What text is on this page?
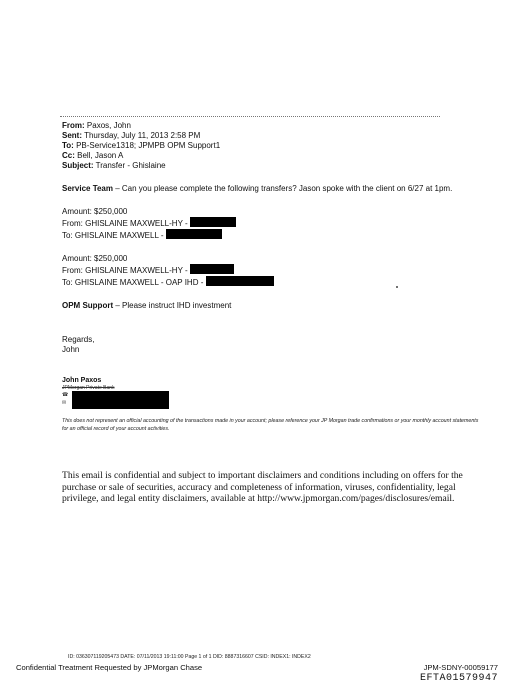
From: Paxos, John
Sent: Thursday, July 11, 2013 2:58 PM
To: PB-Service1318; JPMPB OPM Support1
Cc: Bell, Jason A
Subject: Transfer - Ghislaine
Service Team – Can you please complete the following transfers? Jason spoke with the client on 6/27 at 1pm.
Amount: $250,000
From: GHISLAINE MAXWELL-HY -
To: GHISLAINE MAXWELL -
Amount: $250,000
From: GHISLAINE MAXWELL-HY -
To: GHISLAINE MAXWELL - OAP IHD -
OPM Support – Please instruct IHD investment
Regards,
John
John Paxos
JPMorgan Private Bank
☎
✉
This does not represent an official accounting of the transactions made in your account; please reference your JP Morgan trade confirmations or your monthly account statements for an official record of your account activities.
This email is confidential and subject to important disclaimers and conditions including on offers for the purchase or sale of securities, accuracy and completeness of information, viruses, confidentiality, legal privilege, and legal entity disclaimers, available at http://www.jpmorgan.com/pages/disclosures/email.
ID: 036307119205473 DATE: 07/11/2013 19:11:00 Page 1 of 1 DID: 8887316607 CSID: INDEX1: INDEX2
Confidential Treatment Requested by JPMorgan Chase	JPM-SDNY-00059177
EFTA01579947
